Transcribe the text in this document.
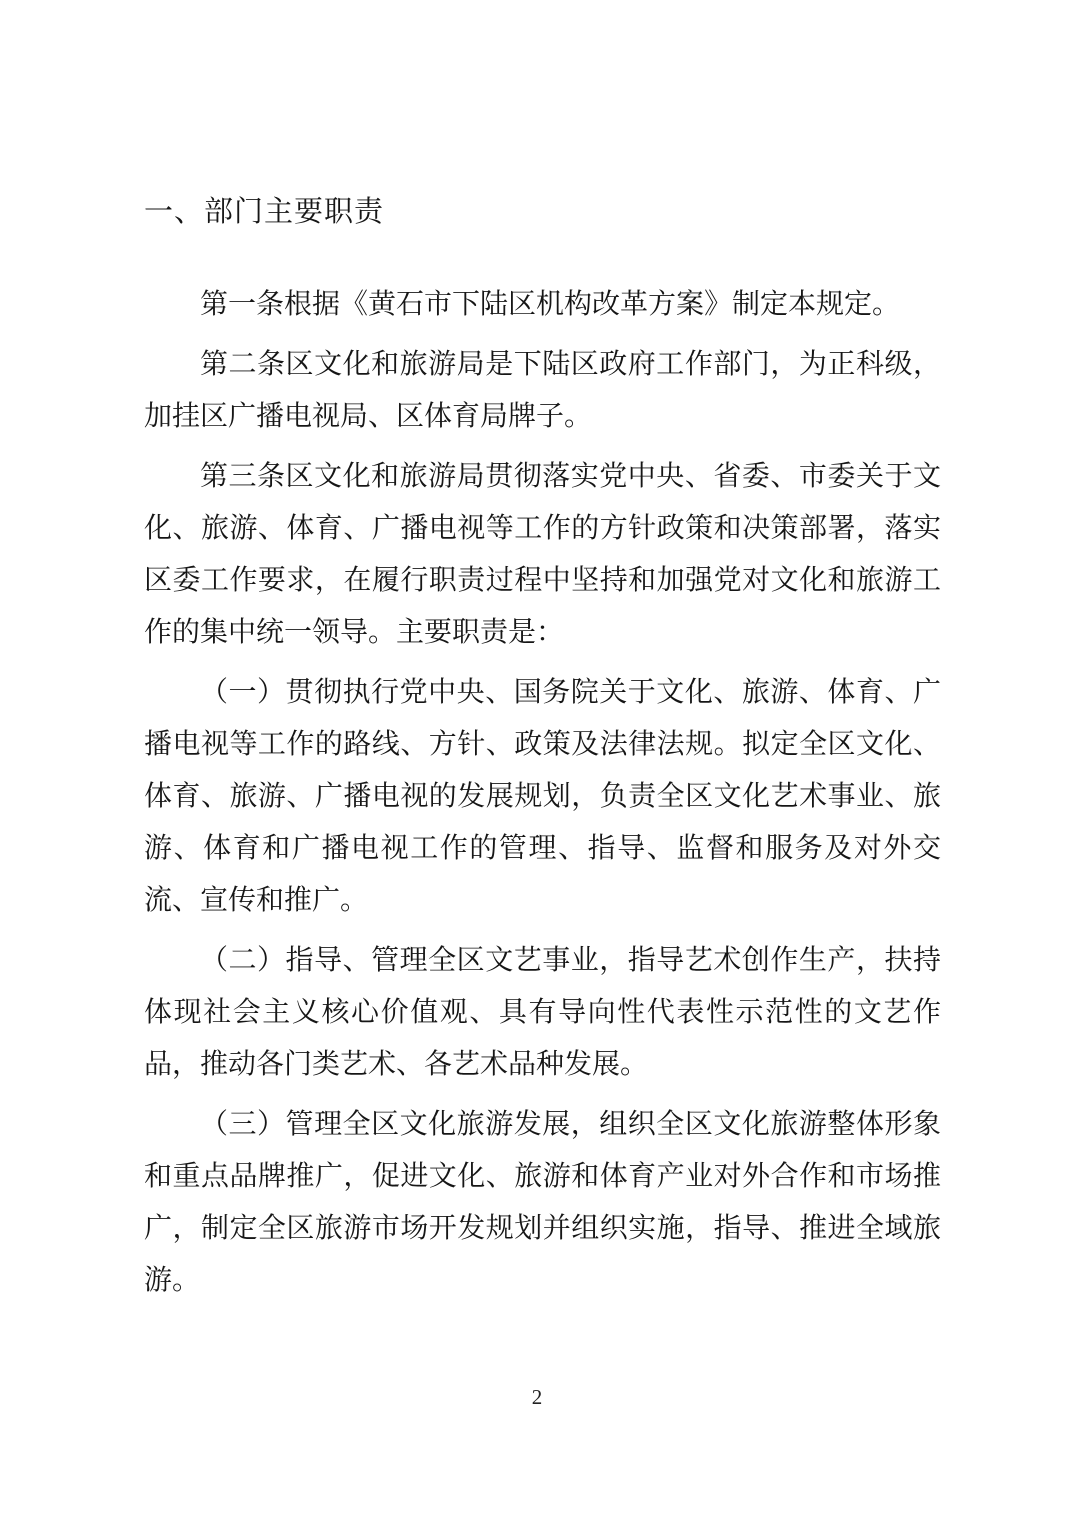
一、部门主要职责

第一条根据《黄石市下陆区机构改革方案》制定本规定。

第二条区文化和旅游局是下陆区政府工作部门，为正科级，加挂区广播电视局、区体育局牌子。

第三条区文化和旅游局贯彻落实党中央、省委、市委关于文化、旅游、体育、广播电视等工作的方针政策和决策部署，落实区委工作要求，在履行职责过程中坚持和加强党对文化和旅游工作的集中统一领导。主要职责是：

（一）贯彻执行党中央、国务院关于文化、旅游、体育、广播电视等工作的路线、方针、政策及法律法规。拟定全区文化、体育、旅游、广播电视的发展规划，负责全区文化艺术事业、旅游、体育和广播电视工作的管理、指导、监督和服务及对外交流、宣传和推广。

（二）指导、管理全区文艺事业，指导艺术创作生产，扶持体现社会主义核心价值观、具有导向性代表性示范性的文艺作品，推动各门类艺术、各艺术品种发展。

（三）管理全区文化旅游发展，组织全区文化旅游整体形象和重点品牌推广，促进文化、旅游和体育产业对外合作和市场推广，制定全区旅游市场开发规划并组织实施，指导、推进全域旅游。

2
